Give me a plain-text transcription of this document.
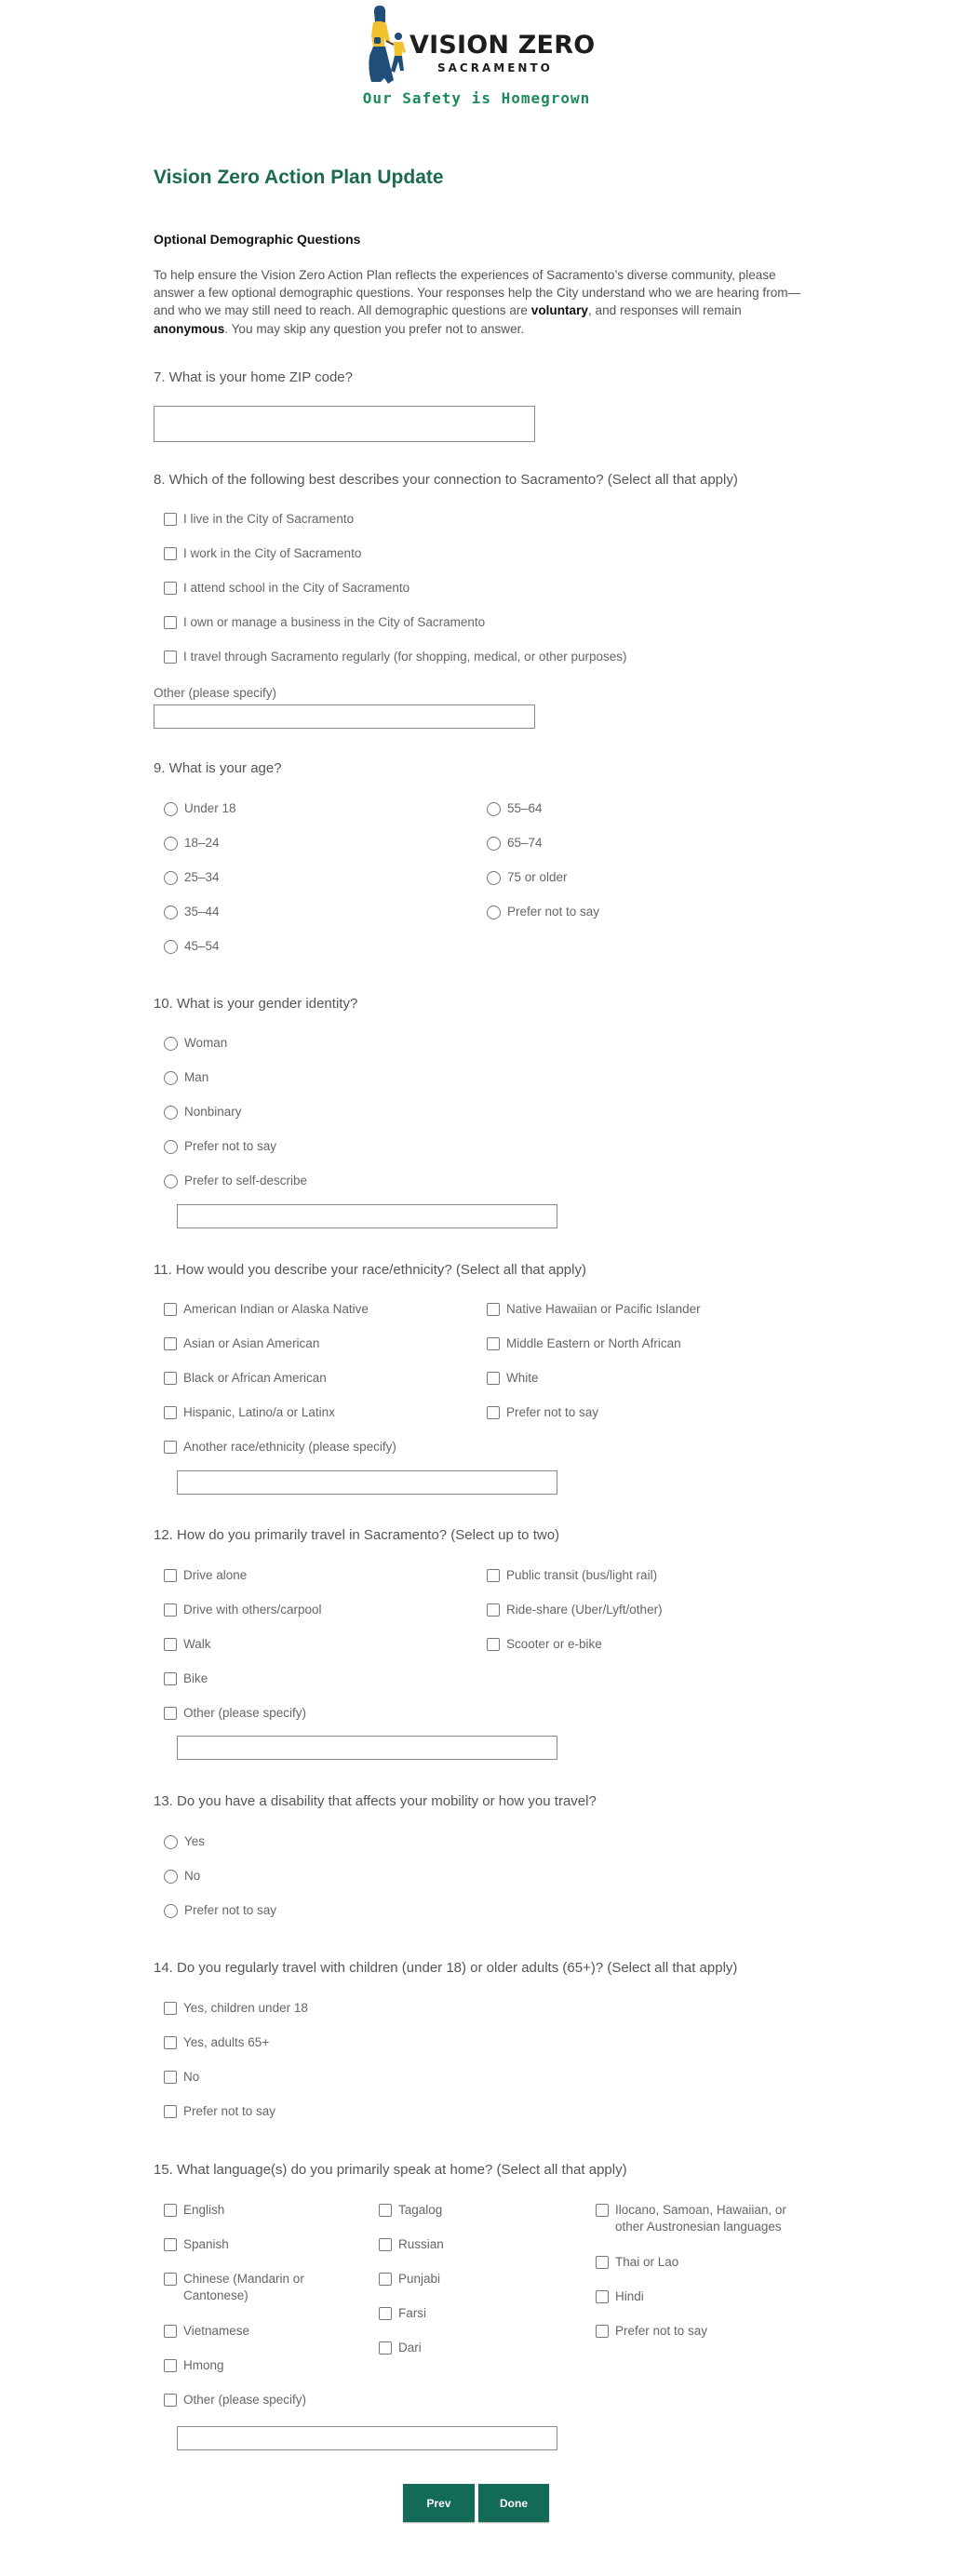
VISION ZERO
SACRAMENTO
Our Safety is Homegrown
Vision Zero Action Plan Update
Optional Demographic Questions
To help ensure the Vision Zero Action Plan reflects the experiences of Sacramento’s diverse community, please answer a few optional demographic questions. Your responses help the City understand who we are hearing from—and who we may still need to reach. All demographic questions are voluntary, and responses will remain anonymous. You may skip any question you prefer not to answer.
7. What is your home ZIP code?
8. Which of the following best describes your connection to Sacramento? (Select all that apply)
I live in the City of Sacramento
I work in the City of Sacramento
I attend school in the City of Sacramento
I own or manage a business in the City of Sacramento
I travel through Sacramento regularly (for shopping, medical, or other purposes)
Other (please specify)
9. What is your age?
Under 18
18–24
25–34
35–44
45–54
55–64
65–74
75 or older
Prefer not to say
10. What is your gender identity?
Woman
Man
Nonbinary
Prefer not to say
Prefer to self-describe
11. How would you describe your race/ethnicity? (Select all that apply)
American Indian or Alaska Native
Asian or Asian American
Black or African American
Hispanic, Latino/a or Latinx
Another race/ethnicity (please specify)
Native Hawaiian or Pacific Islander
Middle Eastern or North African
White
Prefer not to say
12. How do you primarily travel in Sacramento? (Select up to two)
Drive alone
Drive with others/carpool
Walk
Bike
Other (please specify)
Public transit (bus/light rail)
Ride-share (Uber/Lyft/other)
Scooter or e-bike
13. Do you have a disability that affects your mobility or how you travel?
Yes
No
Prefer not to say
14. Do you regularly travel with children (under 18) or older adults (65+)? (Select all that apply)
Yes, children under 18
Yes, adults 65+
No
Prefer not to say
15. What language(s) do you primarily speak at home? (Select all that apply)
English
Spanish
Chinese (Mandarin or Cantonese)
Vietnamese
Hmong
Other (please specify)
Tagalog
Russian
Punjabi
Farsi
Dari
Ilocano, Samoan, Hawaiian, or other Austronesian languages
Thai or Lao
Hindi
Prefer not to say
Prev	Done
